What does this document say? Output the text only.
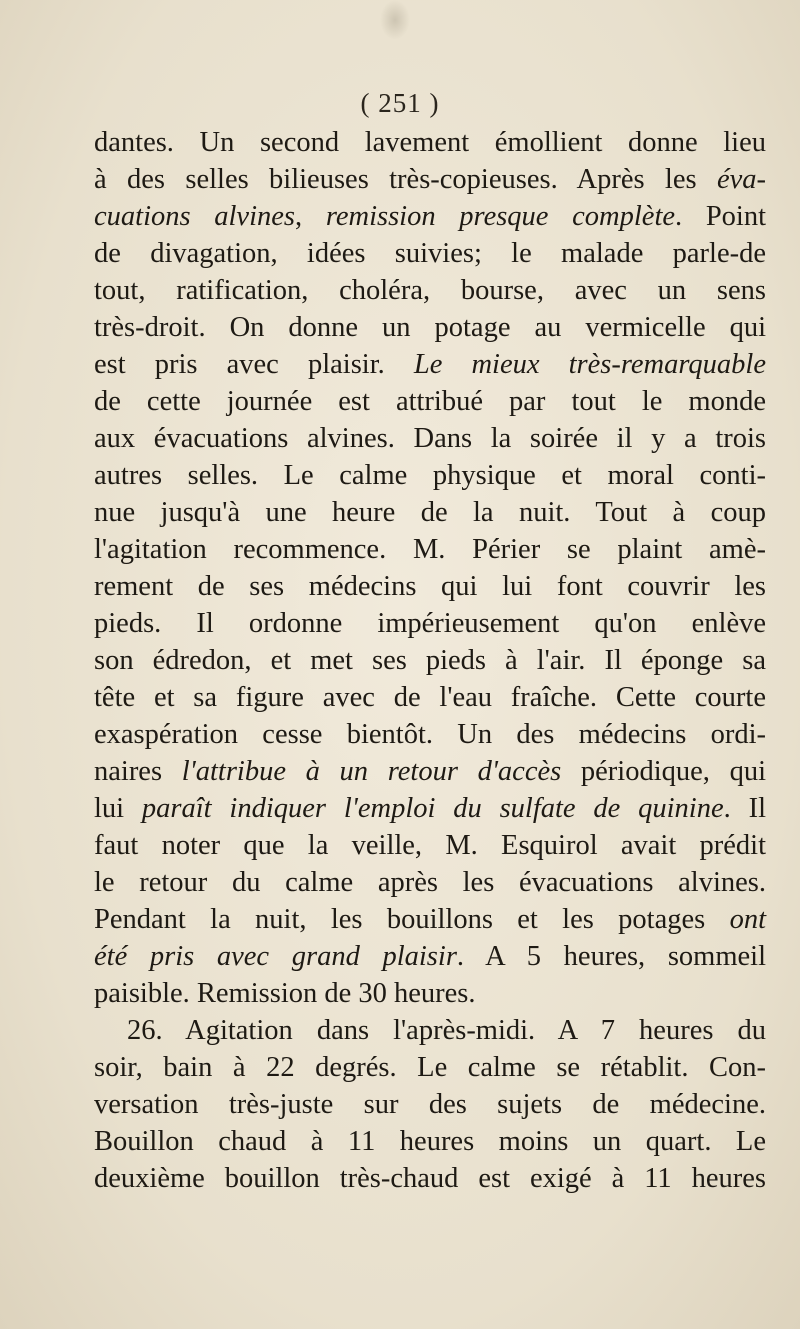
( 251 )
dantes. Un second lavement émollient donne lieu
à des selles bilieuses très-copieuses. Après les éva-
cuations alvines, remission presque complète. Point
de divagation, idées suivies; le malade parle-de
tout, ratification, choléra, bourse, avec un sens
très-droit. On donne un potage au vermicelle qui
est pris avec plaisir. Le mieux très-remarquable
de cette journée est attribué par tout le monde
aux évacuations alvines. Dans la soirée il y a trois
autres selles. Le calme physique et moral conti-
nue jusqu'à une heure de la nuit. Tout à coup
l'agitation recommence. M. Périer se plaint amè-
rement de ses médecins qui lui font couvrir les
pieds. Il ordonne impérieusement qu'on enlève
son édredon, et met ses pieds à l'air. Il éponge sa
tête et sa figure avec de l'eau fraîche. Cette courte
exaspération cesse bientôt. Un des médecins ordi-
naires l'attribue à un retour d'accès périodique, qui
lui paraît indiquer l'emploi du sulfate de quinine. Il
faut noter que la veille, M. Esquirol avait prédit
le retour du calme après les évacuations alvines.
Pendant la nuit, les bouillons et les potages ont
été pris avec grand plaisir. A 5 heures, sommeil
paisible. Remission de 30 heures.
26. Agitation dans l'après-midi. A 7 heures du
soir, bain à 22 degrés. Le calme se rétablit. Con-
versation très-juste sur des sujets de médecine.
Bouillon chaud à 11 heures moins un quart. Le
deuxième bouillon très-chaud est exigé à 11 heures
